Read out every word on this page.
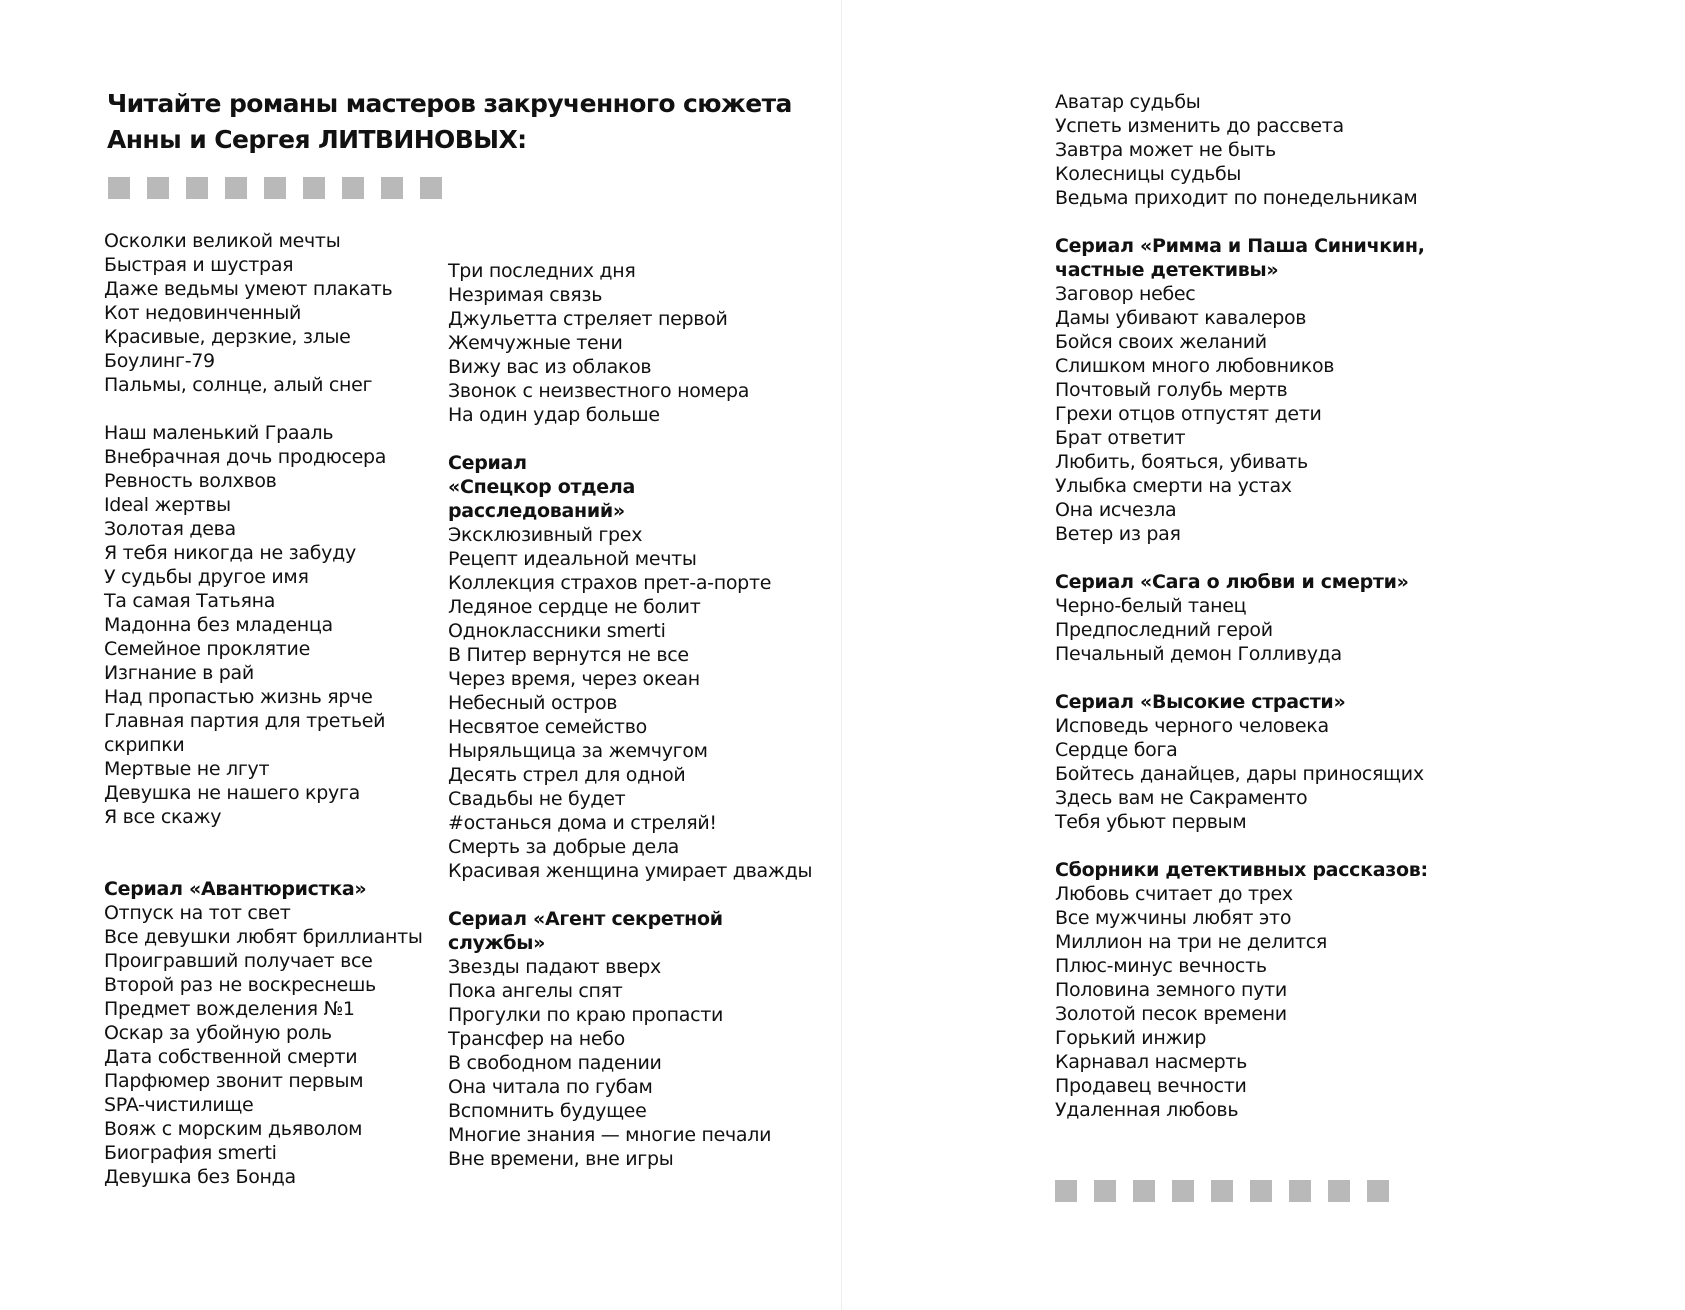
Читайте романы мастеров закрученного сюжета
Анны и Сергея ЛИТВИНОВЫХ:
Осколки великой мечты
Быстрая и шустрая
Даже ведьмы умеют плакать
Кот недовинченный
Красивые, дерзкие, злые
Боулинг-79
Пальмы, солнце, алый снег
Наш маленький Грааль
Внебрачная дочь продюсера
Ревность волхвов
Ideal жертвы
Золотая дева
Я тебя никогда не забуду
У судьбы другое имя
Та самая Татьяна
Мадонна без младенца
Семейное проклятие
Изгнание в рай
Над пропастью жизнь ярче
Главная партия для третьей скрипки
Мертвые не лгут
Девушка не нашего круга
Я все скажу
Сериал «Авантюристка»
Отпуск на тот свет
Все девушки любят бриллианты
Проигравший получает все
Второй раз не воскреснешь
Предмет вожделения №1
Оскар за убойную роль
Дата собственной смерти
Парфюмер звонит первым
SPA-чистилище
Вояж с морским дьяволом
Биография smerti
Девушка без Бонда
Три последних дня
Незримая связь
Джульетта стреляет первой
Жемчужные тени
Вижу вас из облаков
Звонок с неизвестного номера
На один удар больше
Сериал
«Спецкор отдела
расследований»
Эксклюзивный грех
Рецепт идеальной мечты
Коллекция страхов прет-а-порте
Ледяное сердце не болит
Одноклассники smerti
В Питер вернутся не все
Через время, через океан
Небесный остров
Несвятое семейство
Ныряльщица за жемчугом
Десять стрел для одной
Свадьбы не будет
#останься дома и стреляй!
Смерть за добрые дела
Красивая женщина умирает дважды
Сериал «Агент секретной
службы»
Звезды падают вверх
Пока ангелы спят
Прогулки по краю пропасти
Трансфер на небо
В свободном падении
Она читала по губам
Вспомнить будущее
Многие знания — многие печали
Вне времени, вне игры
Аватар судьбы
Успеть изменить до рассвета
Завтра может не быть
Колесницы судьбы
Ведьма приходит по понедельникам
Сериал «Римма и Паша Синичкин,
частные детективы»
Заговор небес
Дамы убивают кавалеров
Бойся своих желаний
Слишком много любовников
Почтовый голубь мертв
Грехи отцов отпустят дети
Брат ответит
Любить, бояться, убивать
Улыбка смерти на устах
Она исчезла
Ветер из рая
Сериал «Сага о любви и смерти»
Черно-белый танец
Предпоследний герой
Печальный демон Голливуда
Сериал «Высокие страсти»
Исповедь черного человека
Сердце бога
Бойтесь данайцев, дары приносящих
Здесь вам не Сакраменто
Тебя убьют первым
Сборники детективных рассказов:
Любовь считает до трех
Все мужчины любят это
Миллион на три не делится
Плюс-минус вечность
Половина земного пути
Золотой песок времени
Горький инжир
Карнавал насмерть
Продавец вечности
Удаленная любовь
